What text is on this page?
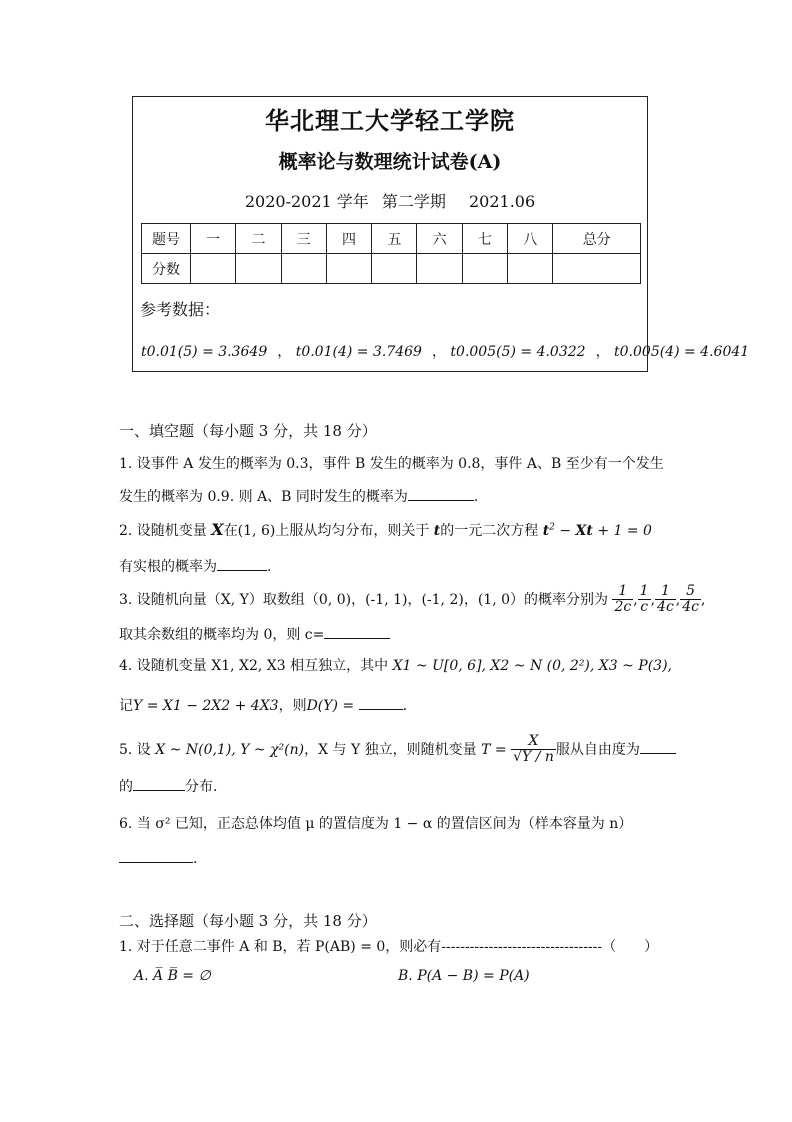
华北理工大学轻工学院
概率论与数理统计试卷(A)
2020-2021 学年 第二学期 2021.06
题号	一	二	三	四	五	六	七	八	总分
分数									
参考数据：
t0.01(5) = 3.3649 ， t0.01(4) = 3.7469 ， t0.005(5) = 4.0322 ， t0.005(4) = 4.6041
一、填空题（每小题 3 分，共 18 分）
1. 设事件 A 发生的概率为 0.3，事件 B 发生的概率为 0.8，事件 A、B 至少有一个发生
发生的概率为 0.9. 则 A、B 同时发生的概率为	.
2. 设随机变量 X在(1, 6)上服从均匀分布，则关于 t的一元二次方程 $t^2 - Xt + 1 = 0$
有实根的概率为	.
3. 设随机向量（X, Y）取数组（0, 0)，(-1, 1)，(-1, 2)，(1, 0）的概率分别为 $\frac{1}{2c}$ , $\frac{1}{c}$ , $\frac{1}{4c}$ , $\frac{5}{4c}$ ,
取其余数组的概率均为 0，则 c=
4. 设随机变量 X1, X2, X3 相互独立，其中 X1 ~ U[0, 6], X2 ~ N (0, 2²), X3 ~ P(3),
记Y = X1 − 2X2 + 4X3，则D(Y) =	.
5. 设 X ~ N(0,1), Y ~ χ²(n)，X 与 Y 独立，则随机变量 $T = \frac{X}{√Y / n}$ 服从自由度为
的	分布.
6. 当 σ² 已知，正态总体均值 μ 的置信度为 1 − α 的置信区间为（样本容量为 n）
.
二、选择题（每小题 3 分，共 18 分）
1. 对于任意二事件 A 和 B，若 P(AB) = 0，则必有----------------------------------（　　）
A. A̅ B̅ = ∅	B. P(A − B) = P(A)
